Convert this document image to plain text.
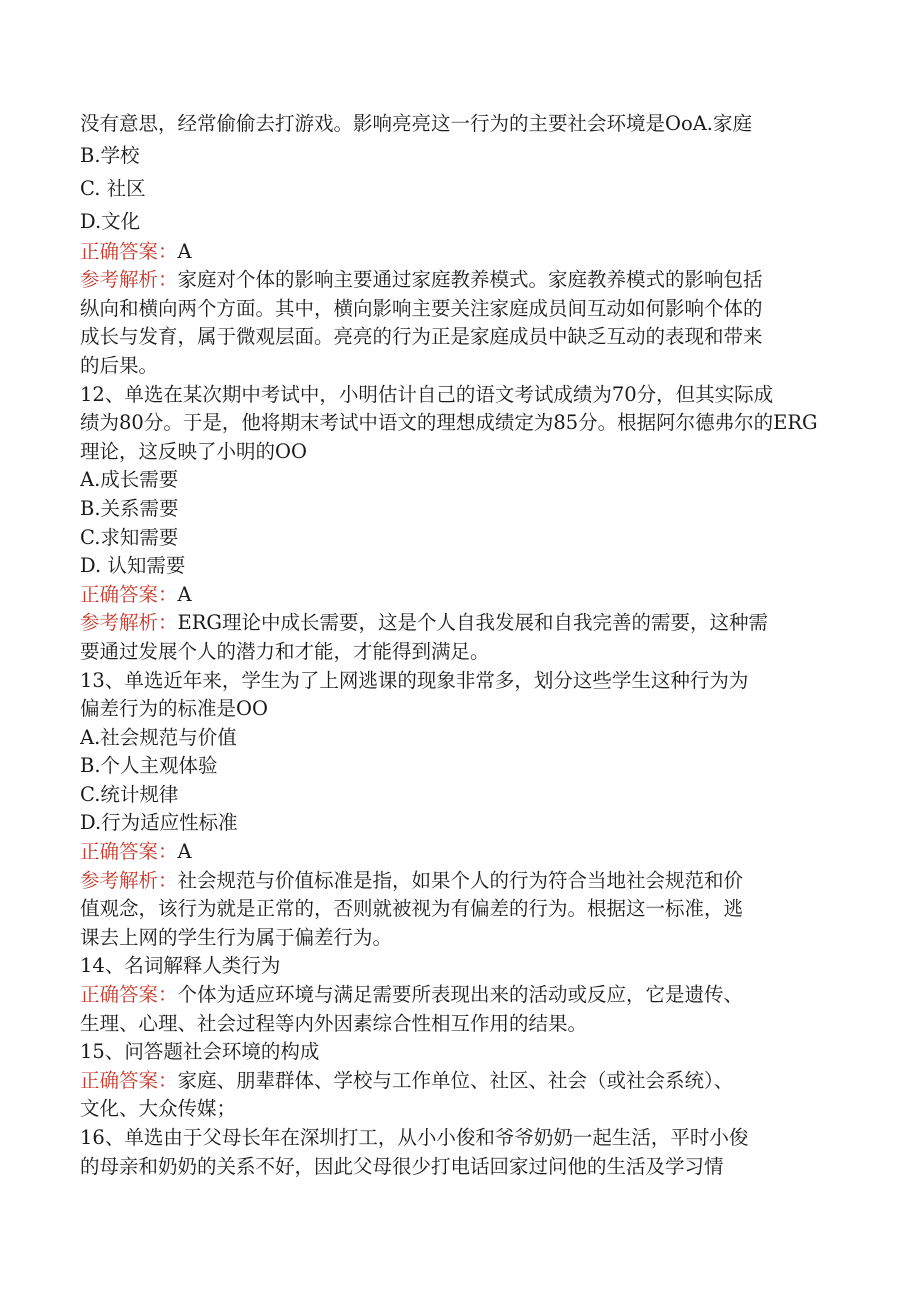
没有意思，经常偷偷去打游戏。影响亮亮这一行为的主要社会环境是OoA.家庭
B.学校
C. 社区
D.文化
正确答案：A
参考解析：家庭对个体的影响主要通过家庭教养模式。家庭教养模式的影响包括
纵向和横向两个方面。其中，横向影响主要关注家庭成员间互动如何影响个体的
成长与发育，属于微观层面。亮亮的行为正是家庭成员中缺乏互动的表现和带来
的后果。
12、单选在某次期中考试中，小明估计自己的语文考试成绩为70分，但其实际成
绩为80分。于是，他将期末考试中语文的理想成绩定为85分。根据阿尔德弗尔的ERG
理论，这反映了小明的OO
A.成长需要
B.关系需要
C.求知需要
D. 认知需要
正确答案：A
参考解析：ERG理论中成长需要，这是个人自我发展和自我完善的需要，这种需
要通过发展个人的潜力和才能，才能得到满足。
13、单选近年来，学生为了上网逃课的现象非常多，划分这些学生这种行为为
偏差行为的标准是OO
A.社会规范与价值
B.个人主观体验
C.统计规律
D.行为适应性标准
正确答案：A
参考解析：社会规范与价值标准是指，如果个人的行为符合当地社会规范和价
值观念，该行为就是正常的，否则就被视为有偏差的行为。根据这一标准，逃
课去上网的学生行为属于偏差行为。
14、名词解释人类行为
正确答案：个体为适应环境与满足需要所表现出来的活动或反应，它是遗传、
生理、心理、社会过程等内外因素综合性相互作用的结果。
15、问答题社会环境的构成
正确答案：家庭、朋辈群体、学校与工作单位、社区、社会（或社会系统）、
文化、大众传媒；
16、单选由于父母长年在深圳打工，从小小俊和爷爷奶奶一起生活，平时小俊
的母亲和奶奶的关系不好，因此父母很少打电话回家过问他的生活及学习情
